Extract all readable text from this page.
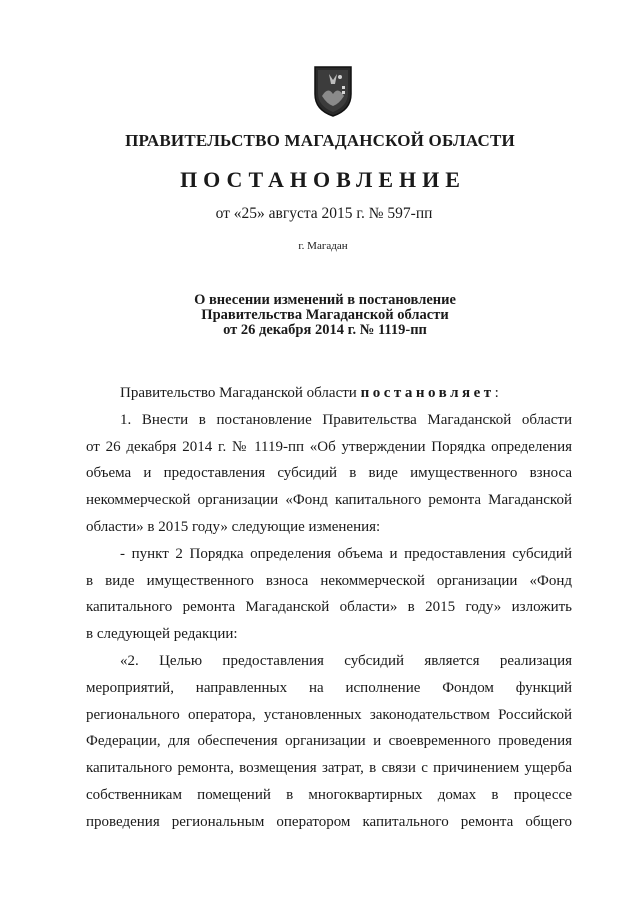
ПРАВИТЕЛЬСТВО МАГАДАНСКОЙ ОБЛАСТИ
ПОСТАНОВЛЕНИЕ
от «25» августа 2015 г. № 597-пп
г. Магадан
О внесении изменений в постановление
Правительства Магаданской области
от 26 декабря 2014 г. № 1119-пп
Правительство Магаданской области постановляет:
1. Внести в постановление Правительства Магаданской области
от 26 декабря 2014 г. № 1119-пп «Об утверждении Порядка определения
объема и предоставления субсидий в виде имущественного взноса
некоммерческой организации «Фонд капитального ремонта Магаданской
области» в 2015 году» следующие изменения:
- пункт 2 Порядка определения объема и предоставления субсидий
в виде имущественного взноса некоммерческой организации «Фонд
капитального ремонта Магаданской области» в 2015 году» изложить
в следующей редакции:
«2. Целью предоставления субсидий является реализация
мероприятий, направленных на исполнение Фондом функций
регионального оператора, установленных законодательством Российской
Федерации, для обеспечения организации и своевременного проведения
капитального ремонта, возмещения затрат, в связи с причинением ущерба
собственникам помещений в многоквартирных домах в процессе
проведения региональным оператором капитального ремонта общего
